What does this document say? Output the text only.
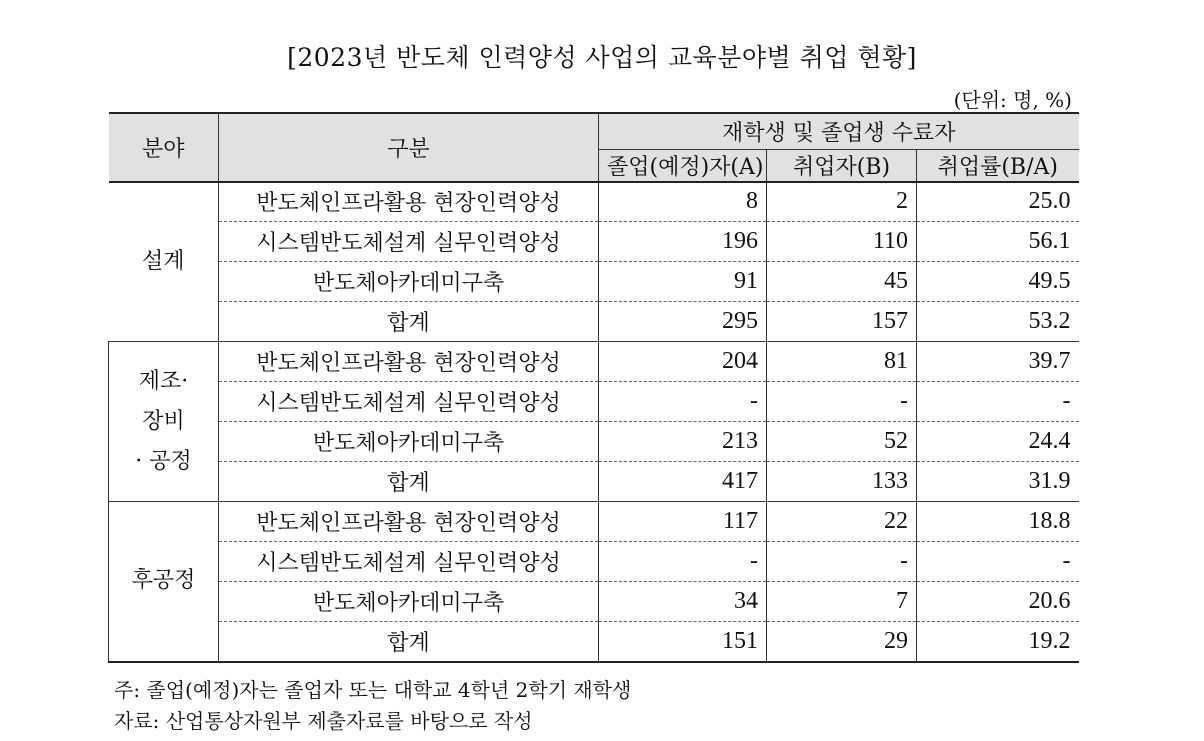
[2023년 반도체 인력양성 사업의 교육분야별 취업 현황]
(단위: 명, %)
분야	구분	재학생 및 졸업생 수료자		
		졸업(예정)자(A)	취업자(B)	취업률(B/A)
설계	반도체인프라활용 현장인력양성	8	2	25.0
	시스템반도체설계 실무인력양성	196	110	56.1
	반도체아카데미구축	91	45	49.5
	합계	295	157	53.2
제조·
장비
· 공정	반도체인프라활용 현장인력양성	204	81	39.7
	시스템반도체설계 실무인력양성	-	-	-
	반도체아카데미구축	213	52	24.4
	합계	417	133	31.9
후공정	반도체인프라활용 현장인력양성	117	22	18.8
	시스템반도체설계 실무인력양성	-	-	-
	반도체아카데미구축	34	7	20.6
	합계	151	29	19.2
주: 졸업(예정)자는 졸업자 또는 대학교 4학년 2학기 재학생
자료: 산업통상자원부 제출자료를 바탕으로 작성
